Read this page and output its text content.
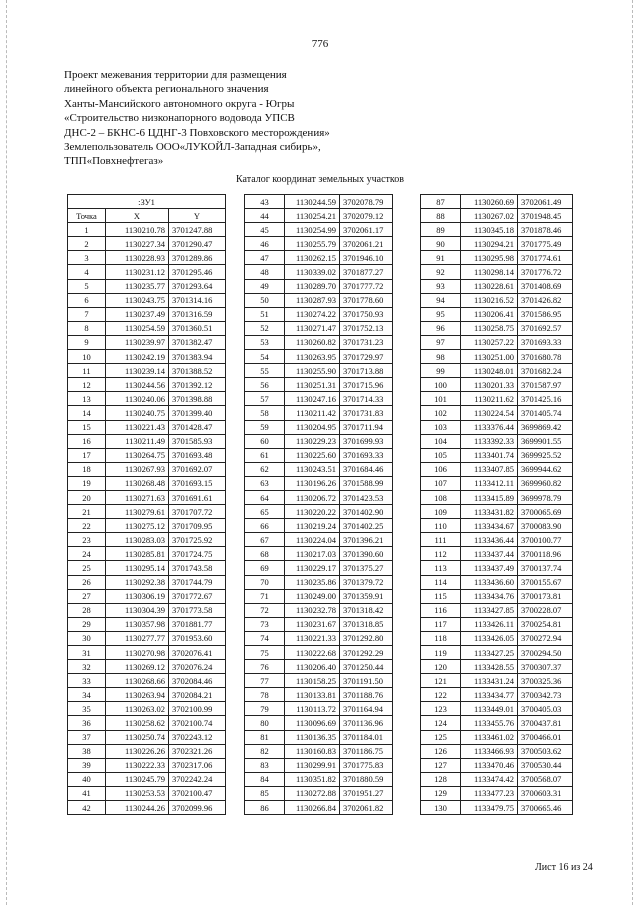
776
Проект межевания территории для размещения
линейного объекта регионального значения
Ханты-Мансийского автономного округа - Югры
«Строительство низконапорного водовода УПСВ
ДНС-2 – БКНС-6 ЦДНГ-3 Повховского месторождения»
Землепользователь ООО«ЛУКОЙЛ-Западная сибирь»,
ТПП«Повхнефтегаз»
Каталог координат земельных участков
:ЗУ1		
Точка	X	Y
1	1130210.78	3701247.88
2	1130227.34	3701290.47
3	1130228.93	3701289.86
4	1130231.12	3701295.46
5	1130235.77	3701293.64
6	1130243.75	3701314.16
7	1130237.49	3701316.59
8	1130254.59	3701360.51
9	1130239.97	3701382.47
10	1130242.19	3701383.94
11	1130239.14	3701388.52
12	1130244.56	3701392.12
13	1130240.06	3701398.88
14	1130240.75	3701399.40
15	1130221.43	3701428.47
16	1130211.49	3701585.93
17	1130264.75	3701693.48
18	1130267.93	3701692.07
19	1130268.48	3701693.15
20	1130271.63	3701691.61
21	1130279.61	3701707.72
22	1130275.12	3701709.95
23	1130283.03	3701725.92
24	1130285.81	3701724.75
25	1130295.14	3701743.58
26	1130292.38	3701744.79
27	1130306.19	3701772.67
28	1130304.39	3701773.58
29	1130357.98	3701881.77
30	1130277.77	3701953.60
31	1130270.98	3702076.41
32	1130269.12	3702076.24
33	1130268.66	3702084.46
34	1130263.94	3702084.21
35	1130263.02	3702100.99
36	1130258.62	3702100.74
37	1130250.74	3702243.12
38	1130226.26	3702321.26
39	1130222.33	3702317.06
40	1130245.79	3702242.24
41	1130253.53	3702100.47
42	1130244.26	3702099.96
43	1130244.59	3702078.79
44	1130254.21	3702079.12
45	1130254.99	3702061.17
46	1130255.79	3702061.21
47	1130262.15	3701946.10
48	1130339.02	3701877.27
49	1130289.70	3701777.72
50	1130287.93	3701778.60
51	1130274.22	3701750.93
52	1130271.47	3701752.13
53	1130260.82	3701731.23
54	1130263.95	3701729.97
55	1130255.90	3701713.88
56	1130251.31	3701715.96
57	1130247.16	3701714.33
58	1130211.42	3701731.83
59	1130204.95	3701711.94
60	1130229.23	3701699.93
61	1130225.60	3701693.33
62	1130243.51	3701684.46
63	1130196.26	3701588.99
64	1130206.72	3701423.53
65	1130220.22	3701402.90
66	1130219.24	3701402.25
67	1130224.04	3701396.21
68	1130217.03	3701390.60
69	1130229.17	3701375.27
70	1130235.86	3701379.72
71	1130249.00	3701359.91
72	1130232.78	3701318.42
73	1130231.67	3701318.85
74	1130221.33	3701292.80
75	1130222.68	3701292.29
76	1130206.40	3701250.44
77	1130158.25	3701191.50
78	1130133.81	3701188.76
79	1130113.72	3701164.94
80	1130096.69	3701136.96
81	1130136.35	3701184.01
82	1130160.83	3701186.75
83	1130299.91	3701775.83
84	1130351.82	3701880.59
85	1130272.88	3701951.27
86	1130266.84	3702061.82
87	1130260.69	3702061.49
88	1130267.02	3701948.45
89	1130345.18	3701878.46
90	1130294.21	3701775.49
91	1130295.98	3701774.61
92	1130298.14	3701776.72
93	1130228.61	3701408.69
94	1130216.52	3701426.82
95	1130206.41	3701586.95
96	1130258.75	3701692.57
97	1130257.22	3701693.33
98	1130251.00	3701680.78
99	1130248.01	3701682.24
100	1130201.33	3701587.97
101	1130211.62	3701425.16
102	1130224.54	3701405.74
103	1133376.44	3699869.42
104	1133392.33	3699901.55
105	1133401.74	3699925.52
106	1133407.85	3699944.62
107	1133412.11	3699960.82
108	1133415.89	3699978.79
109	1133431.82	3700065.69
110	1133434.67	3700083.90
111	1133436.44	3700100.77
112	1133437.44	3700118.96
113	1133437.49	3700137.74
114	1133436.60	3700155.67
115	1133434.76	3700173.81
116	1133427.85	3700228.07
117	1133426.11	3700254.81
118	1133426.05	3700272.94
119	1133427.25	3700294.50
120	1133428.55	3700307.37
121	1133431.24	3700325.36
122	1133434.77	3700342.73
123	1133449.01	3700405.03
124	1133455.76	3700437.81
125	1133461.02	3700466.01
126	1133466.93	3700503.62
127	1133470.46	3700530.44
128	1133474.42	3700568.07
129	1133477.23	3700603.31
130	1133479.75	3700665.46
Лист 16 из 24
